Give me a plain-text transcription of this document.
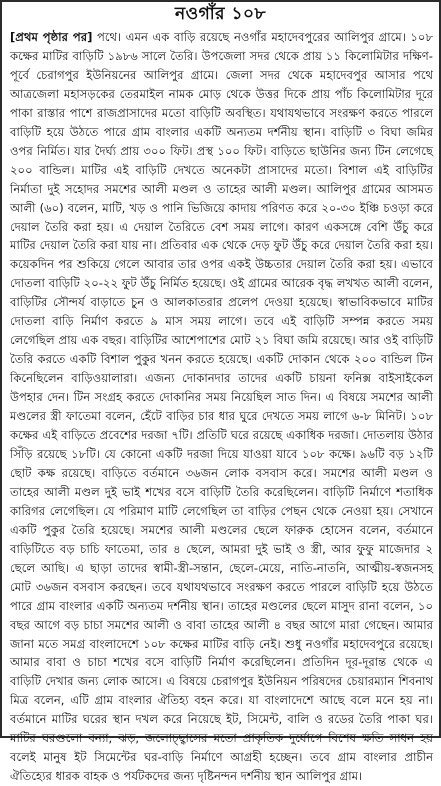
নওগাঁর ১০৮
[প্রথম পৃষ্ঠার পর] পথে। এমন এক বাড়ি রয়েছে নওগাঁর মহাদেবপুরের আলিপুর গ্রামে। ১০৮ কক্ষের মাটির বাড়িটি ১৯৮৬ সালে তৈরি। উপজেলা সদর থেকে প্রায় ১১ কিলোমিটার দক্ষিণ-পূর্বে চেরাগপুর ইউনিয়নের আলিপুর গ্রামে। জেলা সদর থেকে মহাদেবপুর আসার পথে আত্রজেলা মহাসড়কের তেরমাইল নামক মোড় থেকে উত্তর দিকে প্রায় পাঁচ কিলোমিটার দূরে পাকা রাস্তার পাশে রাজপ্রাসাদের মতো বাড়িটি অবস্থিত। যথাযথভাবে সংরক্ষণ করতে পারলে বাড়িটি হয়ে উঠতে পারে গ্রাম বাংলার একটি অন্যতম দর্শনীয় স্থান। বাড়িটি ৩ বিঘা জমির ওপর নির্মিত। যার দৈর্ঘ্য প্রায় ৩০০ ফিট। প্রস্থ ১০০ ফিট। বাড়িতে ছাউনির জন্য টিন লেগেছে ২০০ বান্ডিল। মাটির এই বাড়িটি দেখতে অনেকটা প্রাসাদের মতো। বিশাল এই বাড়িটির নির্মাতা দুই সহোদর সমশের আলী মণ্ডল ও তাহের আলী মণ্ডল। আলিপুর গ্রামের আসমত আলী (৬০) বলেন, মাটি, খড় ও পানি ভিজিয়ে কাদায় পরিণত করে ২০-৩০ ইঞ্চি চওড়া করে দেয়াল তৈরি করা হয়। এ দেয়াল তৈরিতে বেশ সময় লাগে। কারণ একসঙ্গে বেশি উঁচু করে মাটির দেয়াল তৈরি করা যায় না। প্রতিবার এক থেকে দেড় ফুট উঁচু করে দেয়াল তৈরি করা হয়। কয়েকদিন পর শুকিয়ে গেলে আবার তার ওপর একই উচ্চতার দেয়াল তৈরি করা হয়। এভাবে দোতলা বাড়িটি ২০-২২ ফুট উঁচু নির্মিত হয়েছে। ওই গ্রামের আরেক বৃদ্ধ লখখত আলী বলেন, বাড়িটির সৌন্দর্য বাড়াতে চুন ও আলকাতরার প্রলেপ দেওয়া হয়েছে। স্বাভাবিকভাবে মাটির দোতলা বাড়ি নির্মাণ করতে ৯ মাস সময় লাগে। তবে এই বাড়িটি সম্পন্ন করতে সময় লেগেছিল প্রায় এক বছর। বাড়িটির আশেপাশের মোট ২১ বিঘা জমি রয়েছে। আর ওই বাড়িটি তৈরি করতে একটি বিশাল পুকুর খনন করতে হয়েছে। একটি দোকান থেকে ২০০ বান্ডিল টিন কিনেছিলেন বাড়িওয়ালারা। এজন্য দোকানদার তাদের একটি চায়না ফনিক্স বাইসাইকেল উপহার দেন। টিন সংগ্রহ করতে দোকানির সময় নিয়েছিল সাত দিন। এ বিষয়ে সমশের আলী মণ্ডলের স্ত্রী ফাতেমা বলেন, হেঁটে বাড়ির চার ধার ঘুরে দেখতে সময় লাগে ৬-৮ মিনিট। ১০৮ কক্ষের এই বাড়িতে প্রবেশের দরজা ৭টি। প্রতিটি ঘরে রয়েছে একাধিক দরজা। দোতলায় উঠার সিঁড়ি রয়েছে ১৮টি। যে কোনো একটি দরজা দিয়ে যাওয়া যাবে ১০৮ কক্ষে। ৯৬টি বড় ১২টি ছোট কক্ষ রয়েছে। বাড়িতে বর্তমানে ৩৬জন লোক বসবাস করে। সমশের আলী মণ্ডল ও তাহের আলী মণ্ডল দুই ভাই শখের বসে বাড়িটি তৈরি করেছিলেন। বাড়িটি নির্মাণে শতাধিক কারিগর লেগেছিল। যে পরিমাণ মাটি লেগেছিল তা বাড়ির পেছন থেকে নেওয়া হয়। সেখানে একটি পুকুর তৈরি হয়েছে। সমশের আলী মণ্ডলের ছেলে ফারুক হোসেন বলেন, বর্তমানে বাড়িটিতে বড় চাচি ফাতেমা, তার ৪ ছেলে, আমরা দুই ভাই ও স্ত্রী, আর ফুফু মাজেদার ২ ছেলে আছি। এ ছাড়া তাদের স্বামী-স্ত্রী-সন্তান, ছেলে-মেয়ে, নাতি-নাতনি, আত্মীয়-স্বজনসহ মোট ৩৬জন বসবাস করছেন। তবে যথাযথভাবে সংরক্ষণ করতে পারলে বাড়িটি হয়ে উঠতে পারে গ্রাম বাংলার একটি অন্যতম দর্শনীয় স্থান। তাহের মণ্ডলের ছেলে মাসুদ রানা বলেন, ১০ বছর আগে বড় চাচা সমশের আলী ও বাবা তাহের আলী ৪ বছর আগে মারা গেছেন। আমার জানা মতে সমগ্র বাংলাদেশে ১০৮ কক্ষের মাটির বাড়ি নেই। শুধু নওগাঁর মহাদেবপুরে রয়েছে। আমার বাবা ও চাচা শখের বসে বাড়িটি নির্মাণ করেছিলেন। প্রতিদিন দূর-দূরান্ত থেকে এ বাড়িটি দেখার জন্য লোক আসে। এ বিষয়ে চেরাগপুর ইউনিয়ন পরিষদের চেয়ারম্যান শিবনাথ মিত্র বলেন, এটি গ্রাম বাংলার ঐতিহ্য বহন করে। যা বাংলাদেশে আছে বলে মনে হয় না। বর্তমানে মাটির ঘরের স্থান দখল করে নিয়েছে ইট, সিমেন্ট, বালি ও রডের তৈরি পাকা ঘর। মাটির ঘরগুলো বন্যা, ঝড়, জলোচ্ছ্বাসের মতো প্রাকৃতিক দুর্যোগে বিশেষ ক্ষতি সাধন হয় বলেই মানুষ ইট সিমেন্টের ঘর-বাড়ি নির্মাণে আগ্রহী হচ্ছেন। তবে গ্রাম বাংলার প্রাচীন ঐতিহ্যের ধারক বাহক ও পর্যটকদের জন্য দৃষ্টিনন্দন দর্শনীয় স্থান আলিপুর গ্রাম।
